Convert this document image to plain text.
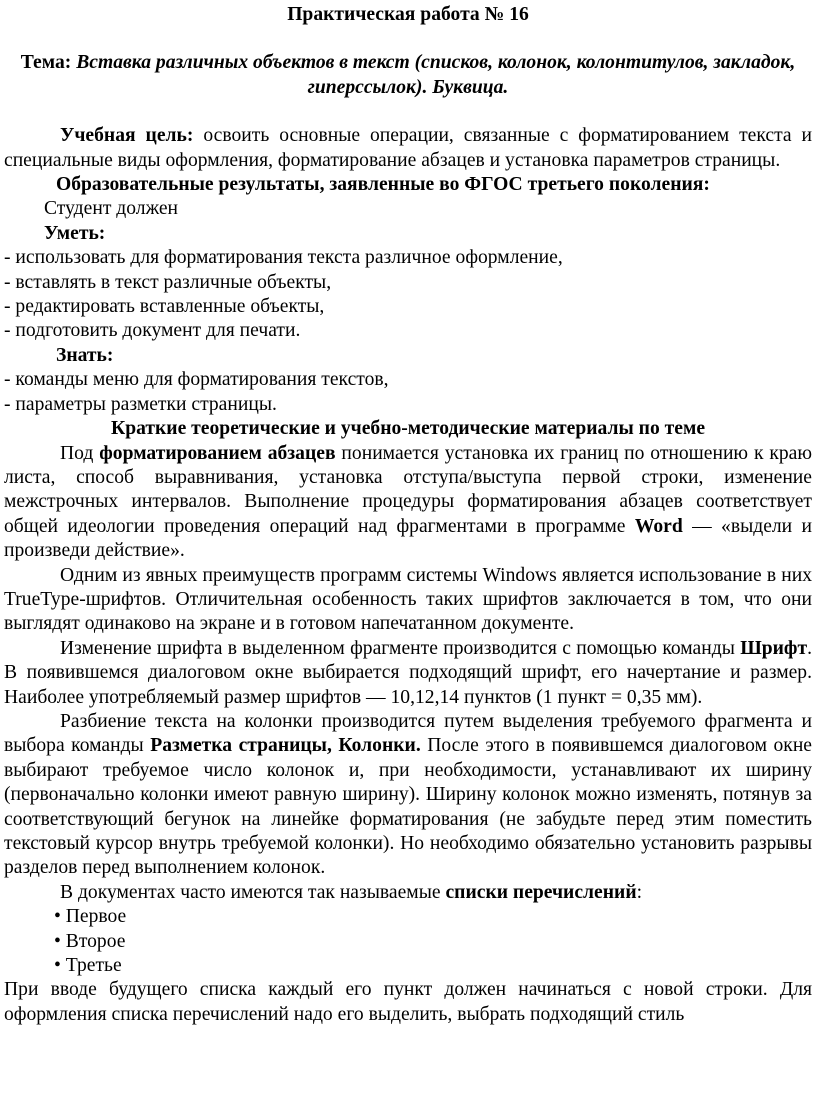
Практическая работа № 16

Тема: Вставка различных объектов в текст (списков, колонок, колонтитулов, закладок, гиперссылок). Буквица.

Учебная цель: освоить основные операции, связанные с форматированием текста и специальные виды оформления, форматирование абзацев и установка параметров страницы.

Образовательные результаты, заявленные во ФГОС третьего поколения:

Студент должен

Уметь:

- использовать для форматирования текста различное оформление,

- вставлять в текст различные объекты,

- редактировать вставленные объекты,

- подготовить документ для печати.

Знать:

- команды меню для форматирования текстов,

- параметры разметки страницы.

Краткие теоретические и учебно-методические материалы по теме

Под форматированием абзацев понимается установка их границ по отношению к краю листа, способ выравнивания, установка отступа/выступа первой строки, изменение межстрочных интервалов. Выполнение процедуры форматирования абзацев соответствует общей идеологии проведения операций над фрагментами в программе Word — «выдели и произведи действие».

Одним из явных преимуществ программ системы Windows является использование в них TrueType-шрифтов. Отличительная особенность таких шрифтов заключается в том, что они выглядят одинаково на экране и в готовом напечатанном документе.

Изменение шрифта в выделенном фрагменте производится с помощью команды Шрифт. В появившемся диалоговом окне выбирается подходящий шрифт, его начертание и размер. Наиболее употребляемый размер шрифтов — 10,12,14 пунктов (1 пункт = 0,35 мм).

Разбиение текста на колонки производится путем выделения требуемого фрагмента и выбора команды Разметка страницы, Колонки. После этого в появившемся диалоговом окне выбирают требуемое число колонок и, при необходимости, устанавливают их ширину (первоначально колонки имеют равную ширину). Ширину колонок можно изменять, потянув за соответствующий бегунок на линейке форматирования (не забудьте перед этим поместить текстовый курсор внутрь требуемой колонки). Но необходимо обязательно установить разрывы разделов перед выполнением колонок.

В документах часто имеются так называемые списки перечислений:

• Первое

• Второе

• Третье

При вводе будущего списка каждый его пункт должен начинаться с новой строки. Для оформления списка перечислений надо его выделить, выбрать подходящий стиль
